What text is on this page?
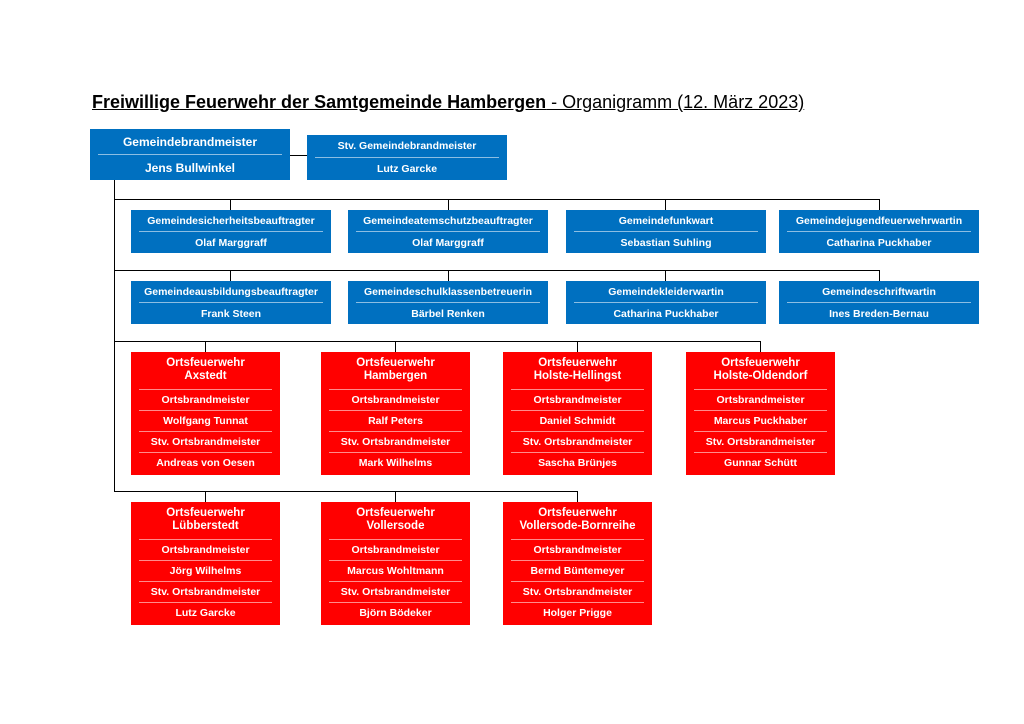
Freiwillige Feuerwehr der Samtgemeinde Hambergen - Organigramm (12. März 2023)
Gemeindebrandmeister
Jens Bullwinkel
Stv. Gemeindebrandmeister
Lutz Garcke
Gemeindesicherheitsbeauftragter
Olaf Marggraff
Gemeindeatemschutzbeauftragter
Olaf Marggraff
Gemeindefunkwart
Sebastian Suhling
Gemeindejugendfeuerwehrwartin
Catharina Puckhaber
Gemeindeausbildungsbeauftragter
Frank Steen
Gemeindeschulklassenbetreuerin
Bärbel Renken
Gemeindekleiderwartin
Catharina Puckhaber
Gemeindeschriftwartin
Ines Breden-Bernau
Ortsfeuerwehr
Axstedt
Ortsbrandmeister
Wolfgang Tunnat
Stv. Ortsbrandmeister
Andreas von Oesen
Ortsfeuerwehr
Hambergen
Ortsbrandmeister
Ralf Peters
Stv. Ortsbrandmeister
Mark Wilhelms
Ortsfeuerwehr
Holste-Hellingst
Ortsbrandmeister
Daniel Schmidt
Stv. Ortsbrandmeister
Sascha Brünjes
Ortsfeuerwehr
Holste-Oldendorf
Ortsbrandmeister
Marcus Puckhaber
Stv. Ortsbrandmeister
Gunnar Schütt
Ortsfeuerwehr
Lübberstedt
Ortsbrandmeister
Jörg Wilhelms
Stv. Ortsbrandmeister
Lutz Garcke
Ortsfeuerwehr
Vollersode
Ortsbrandmeister
Marcus Wohltmann
Stv. Ortsbrandmeister
Björn Bödeker
Ortsfeuerwehr
Vollersode-Bornreihe
Ortsbrandmeister
Bernd Büntemeyer
Stv. Ortsbrandmeister
Holger Prigge
